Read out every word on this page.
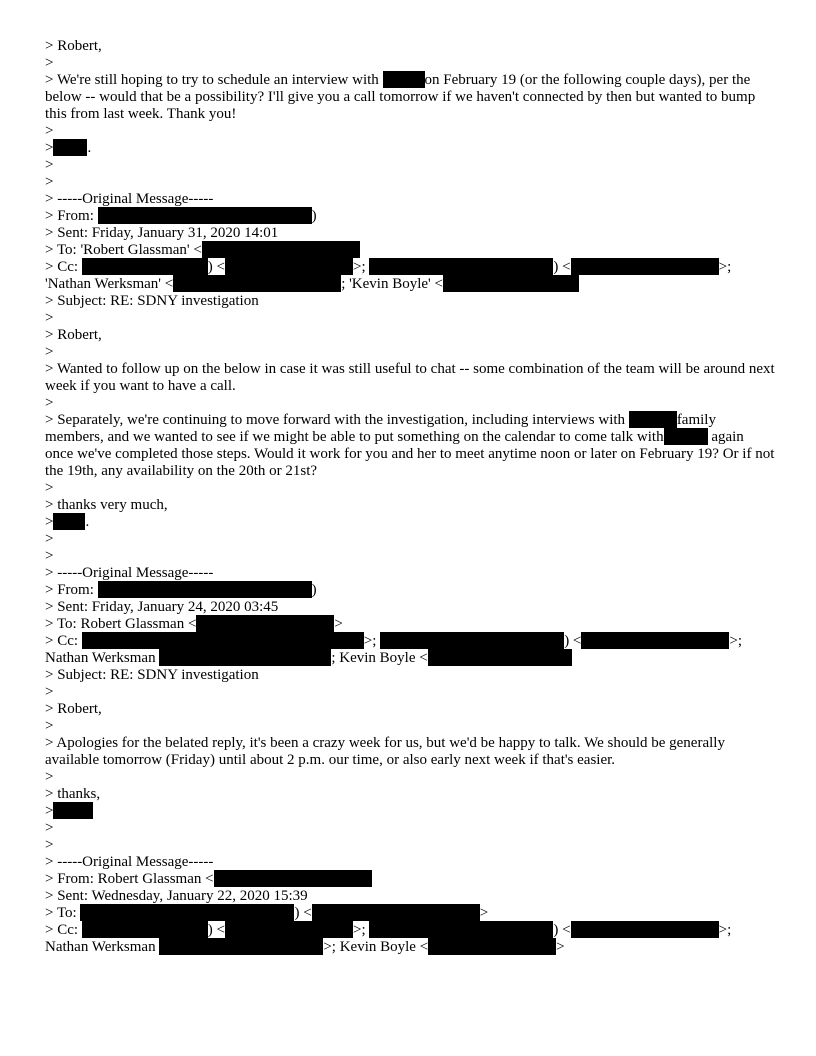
> Robert,
>
> We're still hoping to try to schedule an interview with	on February 19 (or the following couple days), per the below -- would that be a possibility? I'll give you a call tomorrow if we haven't connected by then but wanted to bump this from last week. Thank you!
>
> .
>
>
> -----Original Message-----
> From:	)
> Sent: Friday, January 31, 2020 14:01
> To: 'Robert Glassman' <
> Cc:	) <	>;	) <	>;
'Nathan Werksman' <	; 'Kevin Boyle' <
> Subject: RE: SDNY investigation
>
> Robert,
>
> Wanted to follow up on the below in case it was still useful to chat -- some combination of the team will be around next week if you want to have a call.
>
> Separately, we're continuing to move forward with the investigation, including interviews with	family members, and we wanted to see if we might be able to put something on the calendar to come talk with	again once we've completed those steps. Would it work for you and her to meet anytime noon or later on February 19? Or if not the 19th, any availability on the 20th or 21st?
>
> thanks very much,
> .
>
>
> -----Original Message-----
> From:	)
> Sent: Friday, January 24, 2020 03:45
> To: Robert Glassman <	>
> Cc:	>;	) <	>;
Nathan Werksman	; Kevin Boyle <
> Subject: RE: SDNY investigation
>
> Robert,
>
> Apologies for the belated reply, it's been a crazy week for us, but we'd be happy to talk. We should be generally available tomorrow (Friday) until about 2 p.m. our time, or also early next week if that's easier.
>
> thanks,
>
>
>
> -----Original Message-----
> From: Robert Glassman <
> Sent: Wednesday, January 22, 2020 15:39
> To:	) <	>
> Cc:	) <	>;	) <	>;
Nathan Werksman	>; Kevin Boyle <	>
